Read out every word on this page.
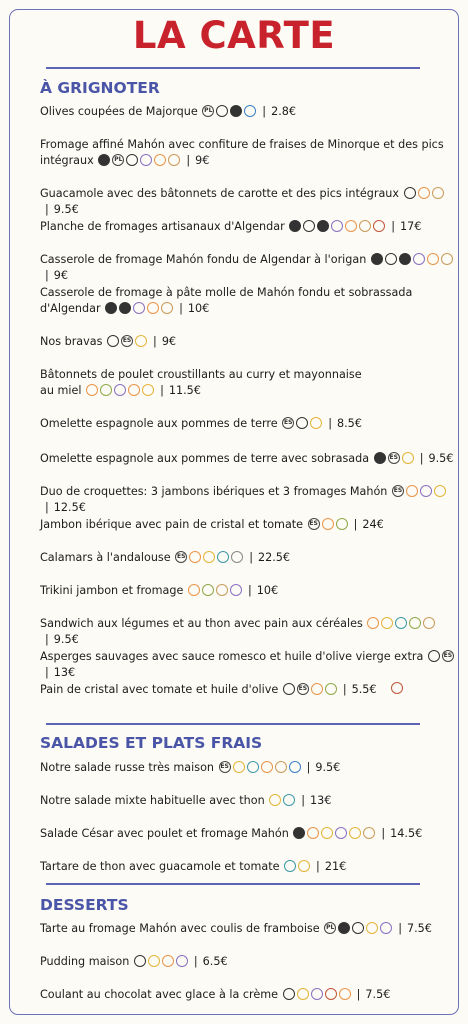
LA CARTE
À GRIGNOTER
Olives coupées de Majorque PL	| 2.8€
Fromage affiné Mahón avec confiture de fraises de Minorque et des pics
intégraux	PL	| 9€
Guacamole avec des bâtonnets de carotte et des pics intégraux | 9.5€
Planche de fromages artisanaux d'Algendar	| 17€
Casserole de fromage Mahón fondu de Algendar à l'origan | 9€
Casserole de fromage à pâte molle de Mahón fondu et sobrassada
d'Algendar	| 10€
Nos bravas	ES | 9€
Bâtonnets de poulet croustillants au curry et mayonnaise
au miel	| 11.5€
Omelette espagnole aux pommes de terre ES	| 8.5€
Omelette espagnole aux pommes de terre avec sobrasada	ES | 9.5€
Duo de croquettes: 3 jambons ibériques et 3 fromages Mahón ES| 12.5€
Jambon ibérique avec pain de cristal et tomate ES	| 24€
Calamars à l'andalouse ES	| 22.5€
Trikini jambon et fromage	| 10€
Sandwich aux légumes et au thon avec pain aux céréales | 9.5€
Asperges sauvages avec sauce romesco et huile d'olive vierge extra	ES| 13€

Pain de cristal avec tomate et huile d'olive	ES	| 5.5€
SALADES ET PLATS FRAIS
Notre salade russe très maison ES	| 9.5€
Notre salade mixte habituelle avec thon	| 13€
Salade César avec poulet et fromage Mahón	| 14.5€
Tartare de thon avec guacamole et tomate	| 21€
DESSERTS
Tarte au fromage Mahón avec coulis de framboise PL	| 7.5€
Pudding maison	| 6.5€
Coulant au chocolat avec glace à la crème	| 7.5€
